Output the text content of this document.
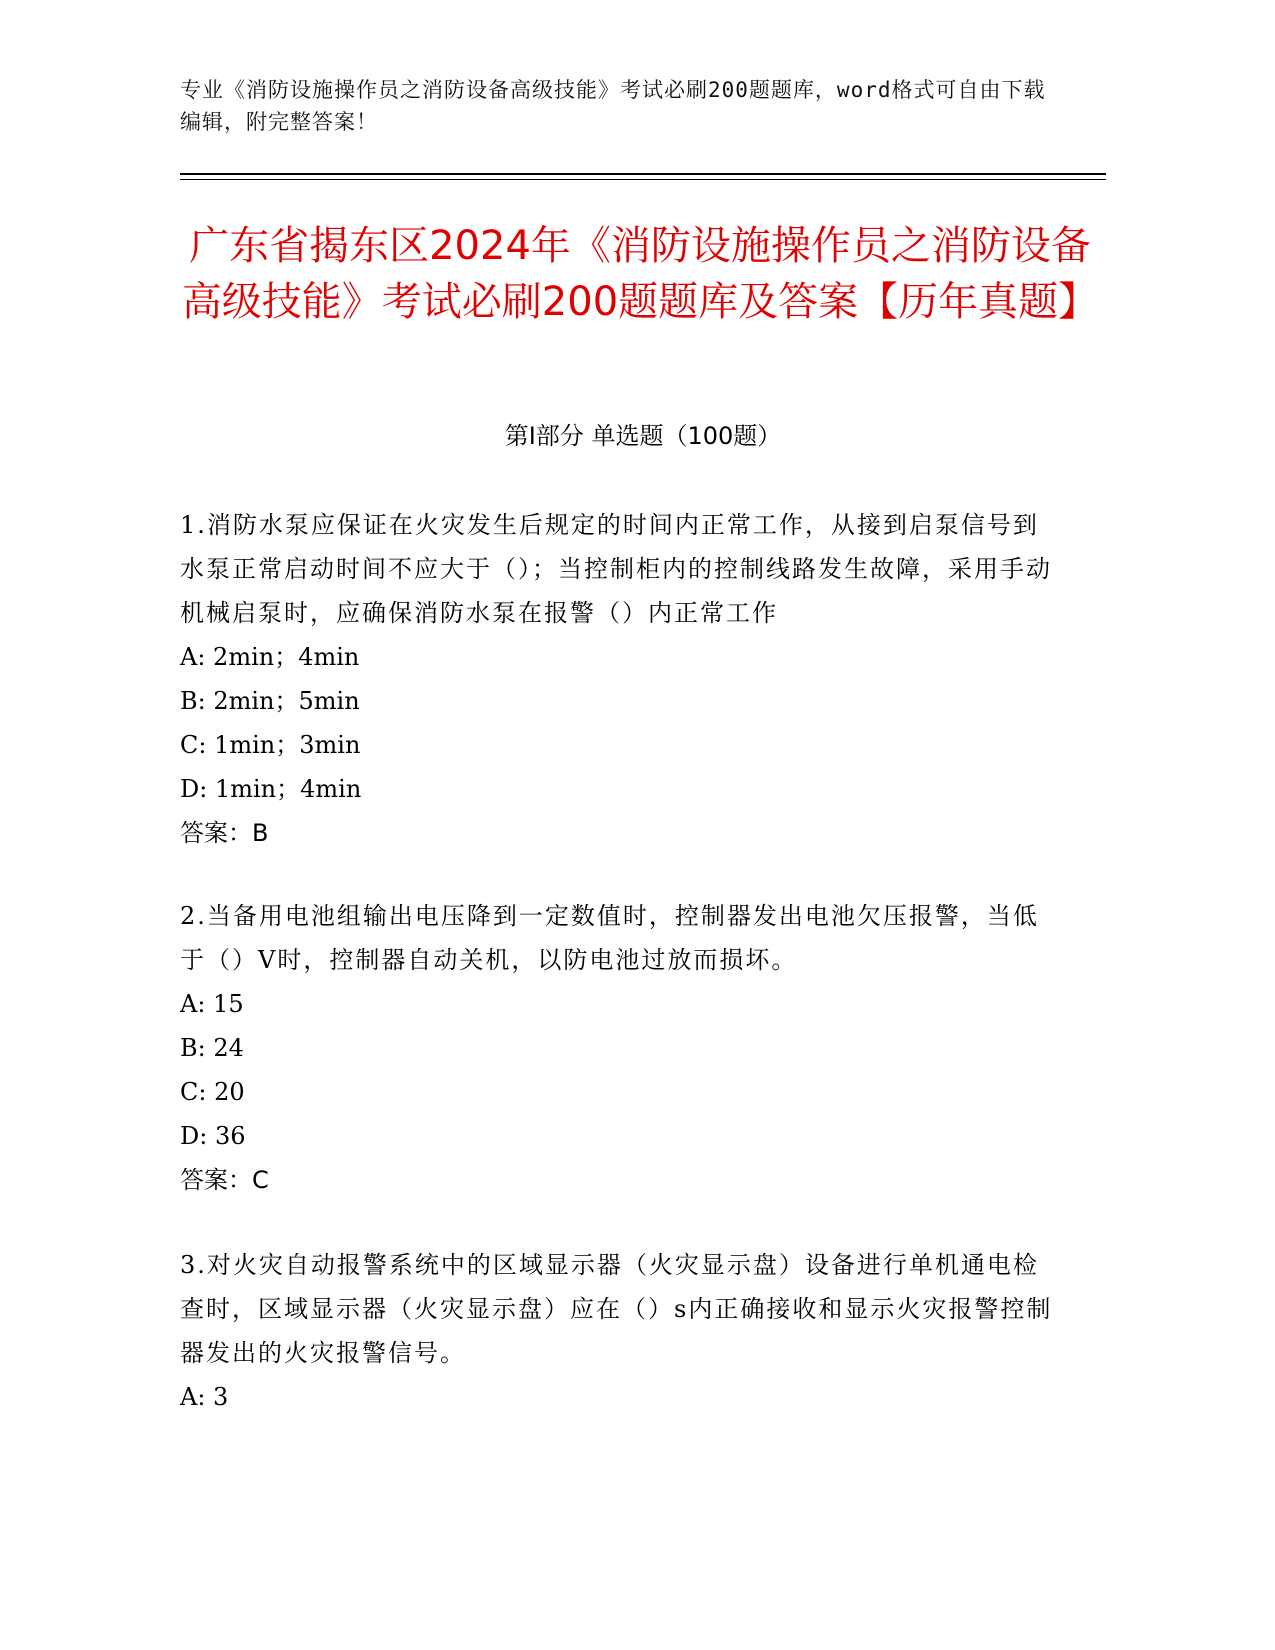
专业《消防设施操作员之消防设备高级技能》考试必刷200题题库，word格式可自由下载编辑，附完整答案！
广东省揭东区2024年《消防设施操作员之消防设备高级技能》考试必刷200题题库及答案【历年真题】
第I部分 单选题（100题）

1.消防水泵应保证在火灾发生后规定的时间内正常工作，从接到启泵信号到水泵正常启动时间不应大于（）；当控制柜内的控制线路发生故障，采用手动机械启泵时，应确保消防水泵在报警（）内正常工作

A: 2min；4min

B: 2min；5min

C: 1min；3min

D: 1min；4min

答案：B

2.当备用电池组输出电压降到一定数值时，控制器发出电池欠压报警，当低于（）V时，控制器自动关机，以防电池过放而损坏。

A: 15

B: 24

C: 20

D: 36

答案：C

3.对火灾自动报警系统中的区域显示器（火灾显示盘）设备进行单机通电检查时，区域显示器（火灾显示盘）应在（）s内正确接收和显示火灾报警控制器发出的火灾报警信号。

A: 3
